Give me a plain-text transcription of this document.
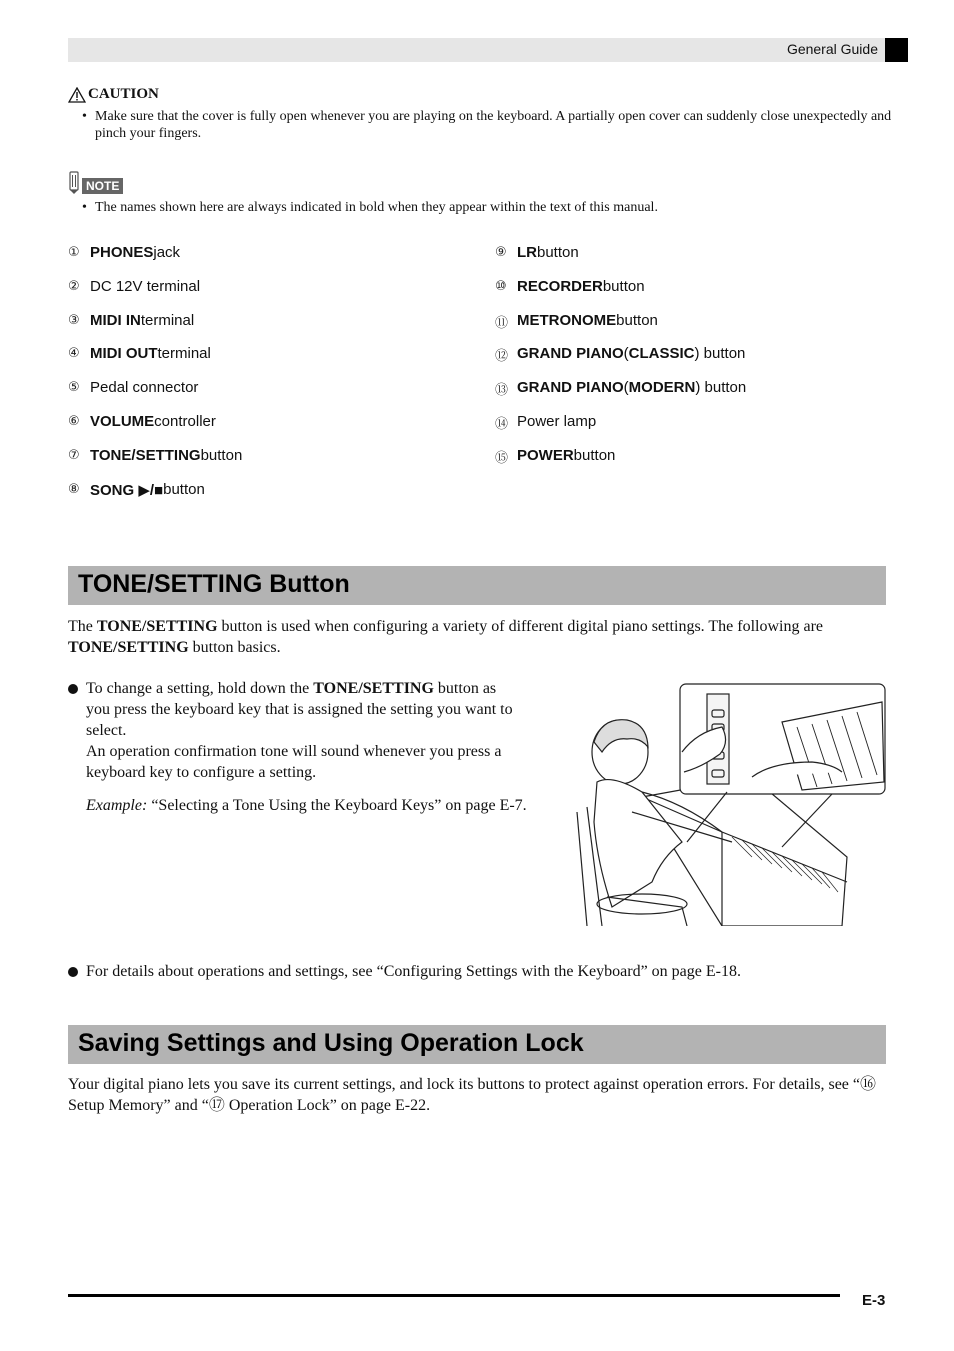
General Guide
CAUTION
• Make sure that the cover is fully open whenever you are playing on the keyboard. A partially open cover can suddenly close unexpectedly and pinch your fingers.
NOTE
• The names shown here are always indicated in bold when they appear within the text of this manual.
① PHONES jack
② DC 12V terminal
③ MIDI IN terminal
④ MIDI OUT terminal
⑤ Pedal connector
⑥ VOLUME controller
⑦ TONE/SETTING button
⑧ SONG ▶/■ button
⑨ LR button
⑩ RECORDER button
⑪ METRONOME button
⑫ GRAND PIANO ( CLASSIC ) button
⑬ GRAND PIANO ( MODERN ) button
⑭ Power lamp
⑮ POWER button
TONE/SETTING Button
The TONE/SETTING button is used when configuring a variety of different digital piano settings. The following are TONE/SETTING button basics.
To change a setting, hold down the TONE/SETTING button as you press the keyboard key that is assigned the setting you want to select.
An operation confirmation tone will sound whenever you press a keyboard key to configure a setting.
Example: “Selecting a Tone Using the Keyboard Keys” on page E-7.
For details about operations and settings, see “Configuring Settings with the Keyboard” on page E-18.
Saving Settings and Using Operation Lock
Your digital piano lets you save its current settings, and lock its buttons to protect against operation errors. For details, see “⑯ Setup Memory” and “⑰ Operation Lock” on page E-22.
E-3
